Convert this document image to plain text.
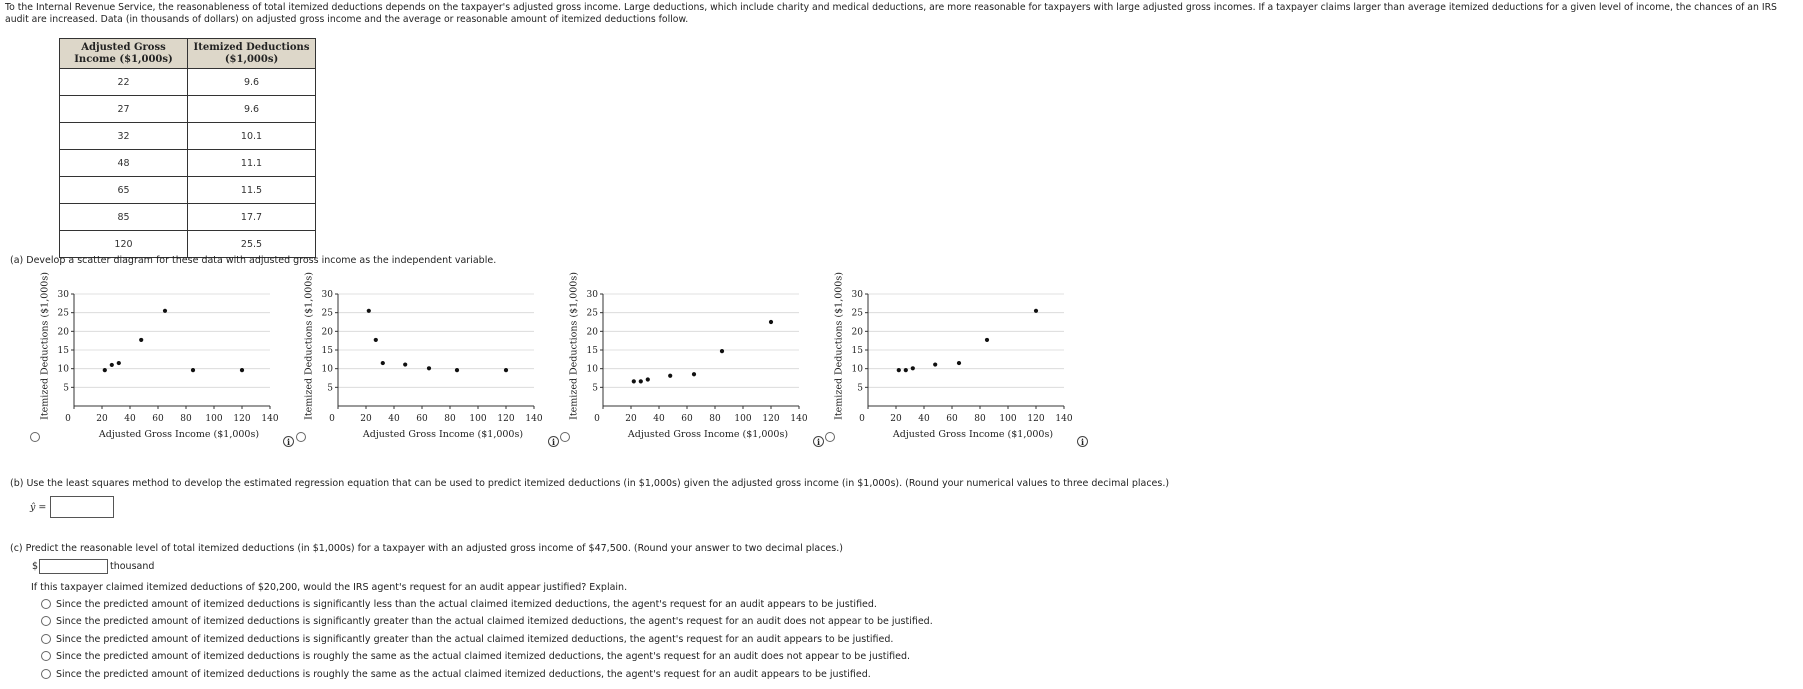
To the Internal Revenue Service, the reasonableness of total itemized deductions depends on the taxpayer's adjusted gross income. Large deductions, which include charity and medical deductions, are more reasonable for taxpayers with large adjusted gross incomes. If a taxpayer claims larger than average itemized deductions for a given level of income, the chances of an IRS audit are increased. Data (in thousands of dollars) on adjusted gross income and the average or reasonable amount of itemized deductions follow.
Adjusted Gross Income ($1,000s)	Itemized Deductions ($1,000s)
22	9.6
27	9.6
32	10.1
48	11.1
65	11.5
85	17.7
120	25.5
(a) Develop a scatter diagram for these data with adjusted gross income as the independent variable.
Itemized Deductions ($1,000s) 5
10
15
20
25
30
0	20 40 60 80 100 120 140
Adjusted Gross Income ($1,000s)
Itemized Deductions ($1,000s) 5
10
15
20
25
30
0	20 40 60 80 100 120 140
Adjusted Gross Income ($1,000s)
Itemized Deductions ($1,000s) 5
10
15
20
25
30
0	20 40 60 80 100 120 140
Adjusted Gross Income ($1,000s)
Itemized Deductions ($1,000s) 5
10
15
20
25
30
0	20 40 60 80 100 120 140
Adjusted Gross Income ($1,000s)
i	i	i	i
(b) Use the least squares method to develop the estimated regression equation that can be used to predict itemized deductions (in $1,000s) given the adjusted gross income (in $1,000s). (Round your numerical values to three decimal places.)
ŷ =
(c) Predict the reasonable level of total itemized deductions (in $1,000s) for a taxpayer with an adjusted gross income of $47,500. (Round your answer to two decimal places.)
$	thousand
If this taxpayer claimed itemized deductions of $20,200, would the IRS agent's request for an audit appear justified? Explain.
Since the predicted amount of itemized deductions is significantly less than the actual claimed itemized deductions, the agent's request for an audit appears to be justified.
Since the predicted amount of itemized deductions is significantly greater than the actual claimed itemized deductions, the agent's request for an audit does not appear to be justified.
Since the predicted amount of itemized deductions is significantly greater than the actual claimed itemized deductions, the agent's request for an audit appears to be justified.
Since the predicted amount of itemized deductions is roughly the same as the actual claimed itemized deductions, the agent's request for an audit does not appear to be justified.
Since the predicted amount of itemized deductions is roughly the same as the actual claimed itemized deductions, the agent's request for an audit appears to be justified.
